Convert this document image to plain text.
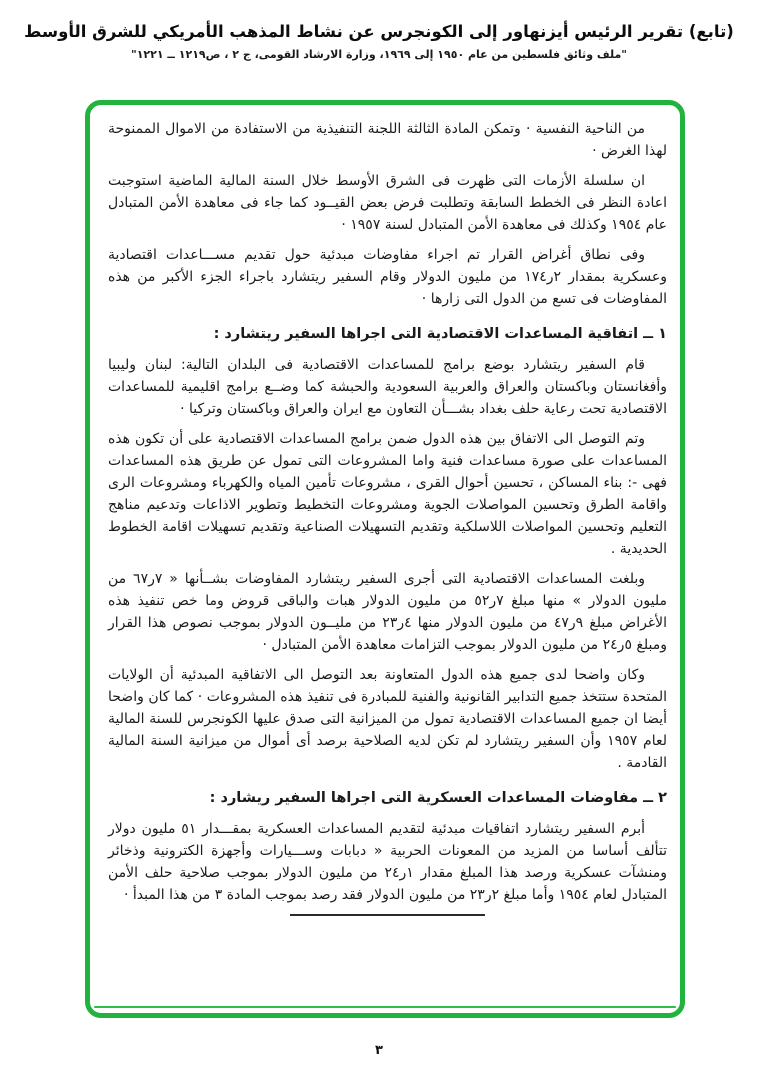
(تابع) تقرير الرئيس أيزنهاور إلى الكونجرس عن نشاط المذهب الأمريكي للشرق الأوسط
"ملف وثائق فلسطين من عام ١٩٥٠ إلى ١٩٦٩، وزارة الارشاد القومى، ج ٢ ، ص١٢١٩ ــ ١٢٢١"

من الناحية النفسية · وتمكن المادة الثالثة اللجنة التنفيذية من الاستفادة من الاموال الممنوحة لهذا الغرض ·

ان سلسلة الأزمات التى ظهرت فى الشرق الأوسط خلال السنة المالية الماضية استوجبت اعادة النظر فى الخطط السابقة وتطلبت فرض بعض القيــود كما جاء فى معاهدة الأمن المتبادل عام ١٩٥٤ وكذلك فى معاهدة الأمن المتبادل لسنة ١٩٥٧ ·

وفى نطاق أغراض القرار تم اجراء مفاوضات مبدئية حول تقديم مســـاعدات اقتصادية وعسكرية بمقدار ٢ر١٧٤ من مليون الدولار وقام السفير ريتشارد باجراء الجزء الأكبر من هذه المفاوضات فى تسع من الدول التى زارها ·

١ ــ اتفاقية المساعدات الاقتصادية التى اجراها السفير ريتشارد :

قام السفير ريتشارد بوضع برامج للمساعدات الاقتصادية فى البلدان التالية: لبنان وليبيا وأفغانستان وباكستان والعراق والعربية السعودية والحبشة كما وضــع برامج اقليمية للمساعدات الاقتصادية تحت رعاية حلف بغداد بشـــأن التعاون مع ايران والعراق وباكستان وتركيا ·

وتم التوصل الى الاتفاق بين هذه الدول ضمن برامج المساعدات الاقتصادية على أن تكون هذه المساعدات على صورة مساعدات فنية واما المشروعات التى تمول عن طريق هذه المساعدات فهى -: بناء المساكن ، تحسين أحوال القرى ، مشروعات تأمين المياه والكهرباء ومشروعات الرى واقامة الطرق وتحسين المواصلات الجوية ومشروعات التخطيط وتطوير الاذاعات وتدعيم مناهج التعليم وتحسين المواصلات اللاسلكية وتقديم التسهيلات الصناعية وتقديم تسهيلات اقامة الخطوط الحديدية .

وبلغت المساعدات الاقتصادية التى أجرى السفير ريتشارد المفاوضات بشــأنها « ٧ر٦٧ من مليون الدولار » منها مبلغ ٧ر٥٢ من مليون الدولار هبات والباقى قروض وما خص تنفيذ هذه الأغراض مبلغ ٩ر٤٧ من مليون الدولار منها ٤ر٢٣ من مليــون الدولار بموجب نصوص هذا القرار ومبلغ ٥ر٢٤ من مليون الدولار بموجب التزامات معاهدة الأمن المتبادل ·

وكان واضحا لدى جميع هذه الدول المتعاونة بعد التوصل الى الاتفاقية المبدئية أن الولايات المتحدة ستتخذ جميع التدابير القانونية والفنية للمبادرة فى تنفيذ هذه المشروعات · كما كان واضحا أيضا ان جميع المساعدات الاقتصادية تمول من الميزانية التى صدق عليها الكونجرس للسنة المالية لعام ١٩٥٧ وأن السفير ريتشارد لم تكن لديه الصلاحية برصد أى أموال من ميزانية السنة المالية القادمة .

٢ ــ مفاوضات المساعدات العسكرية التى اجراها السفير ريشارد :

أبرم السفير ريتشارد اتفاقيات مبدئية لتقديم المساعدات العسكرية بمقـــدار ٥١ مليون دولار تتألف أساسا من المزيد من المعونات الحربية « دبابات وســـيارات وأجهزة الكترونية وذخائر ومنشآت عسكرية ورصد هذا المبلغ مقدار ١ر٢٤ من مليون الدولار بموجب صلاحية حلف الأمن المتبادل لعام ١٩٥٤ وأما مبلغ ٢ر٢٣ من مليون الدولار فقد رصد بموجب المادة ٣ من هذا المبدأ ·

٣
